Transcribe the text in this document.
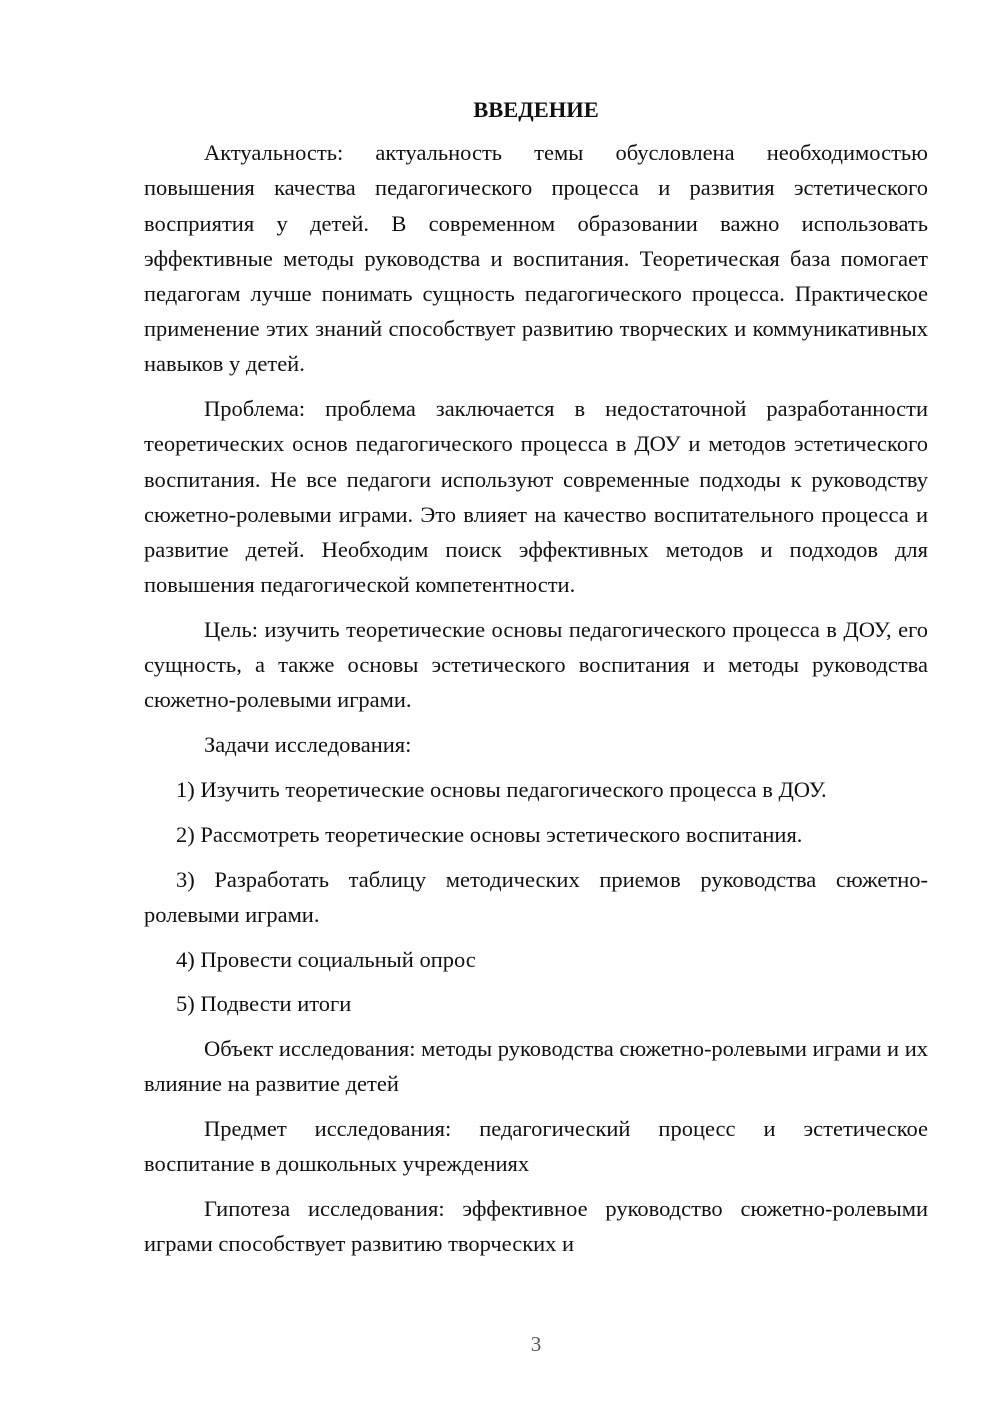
ВВЕДЕНИЕ

Актуальность: актуальность темы обусловлена необходимостью повышения качества педагогического процесса и развития эстетического восприятия у детей. В современном образовании важно использовать эффективные методы руководства и воспитания. Теоретическая база помогает педагогам лучше понимать сущность педагогического процесса. Практическое применение этих знаний способствует развитию творческих и коммуникативных навыков у детей.

Проблема: проблема заключается в недостаточной разработанности теоретических основ педагогического процесса в ДОУ и методов эстетического воспитания. Не все педагоги используют современные подходы к руководству сюжетно-ролевыми играми. Это влияет на качество воспитательного процесса и развитие детей. Необходим поиск эффективных методов и подходов для повышения педагогической компетентности.

Цель: изучить теоретические основы педагогического процесса в ДОУ, его сущность, а также основы эстетического воспитания и методы руководства сюжетно-ролевыми играми.

Задачи исследования:

1) Изучить теоретические основы педагогического процесса в ДОУ.

2) Рассмотреть теоретические основы эстетического воспитания.

3) Разработать таблицу методических приемов руководства сюжетно-ролевыми играми.

4) Провести социальный опрос

5) Подвести итоги

Объект исследования: методы руководства сюжетно-ролевыми играми и их влияние на развитие детей

Предмет исследования: педагогический процесс и эстетическое воспитание в дошкольных учреждениях

Гипотеза исследования: эффективное руководство сюжетно-ролевыми играми способствует развитию творческих и

3
